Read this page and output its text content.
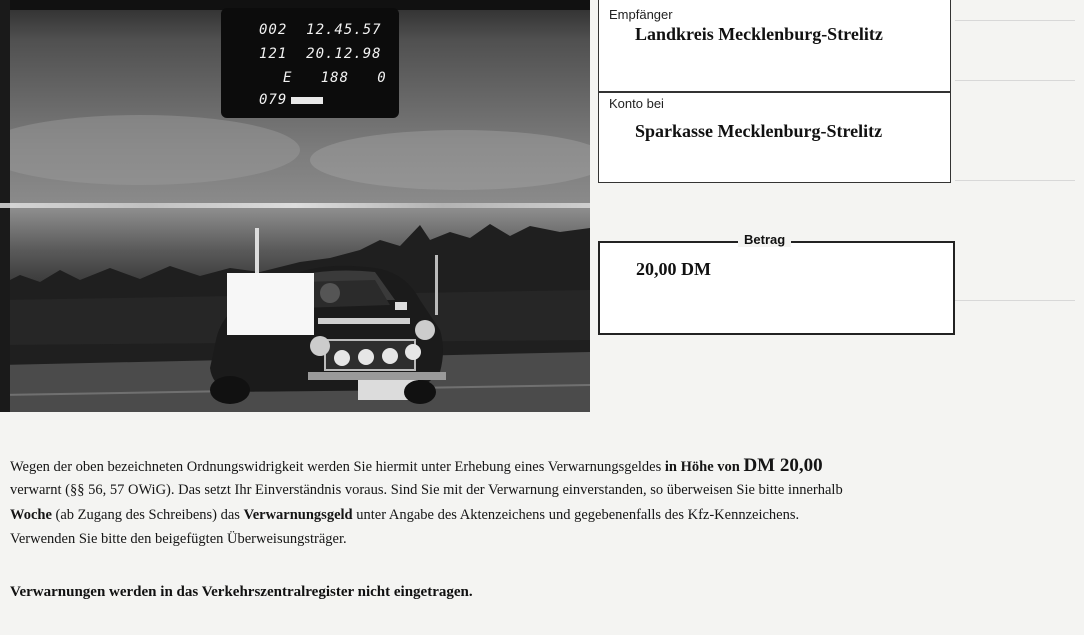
002  12.45.57
121  20.12.98
E   188   0
079
Empfänger
Landkreis Mecklenburg-Strelitz
Konto bei
Sparkasse Mecklenburg-Strelitz
Betrag
20,00 DM
Wegen der oben bezeichneten Ordnungswidrigkeit werden Sie hiermit unter Erhebung eines Verwarnungsgeldes in Höhe von DM 20,00
verwarnt (§§ 56, 57 OWiG). Das setzt Ihr Einverständnis voraus. Sind Sie mit der Verwarnung einverstanden, so überweisen Sie bitte innerhalb
Woche (ab Zugang des Schreibens) das Verwarnungsgeld unter Angabe des Aktenzeichens und gegebenenfalls des Kfz-Kennzeichens.
Verwenden Sie bitte den beigefügten Überweisungsträger.
Verwarnungen werden in das Verkehrszentralregister nicht eingetragen.
